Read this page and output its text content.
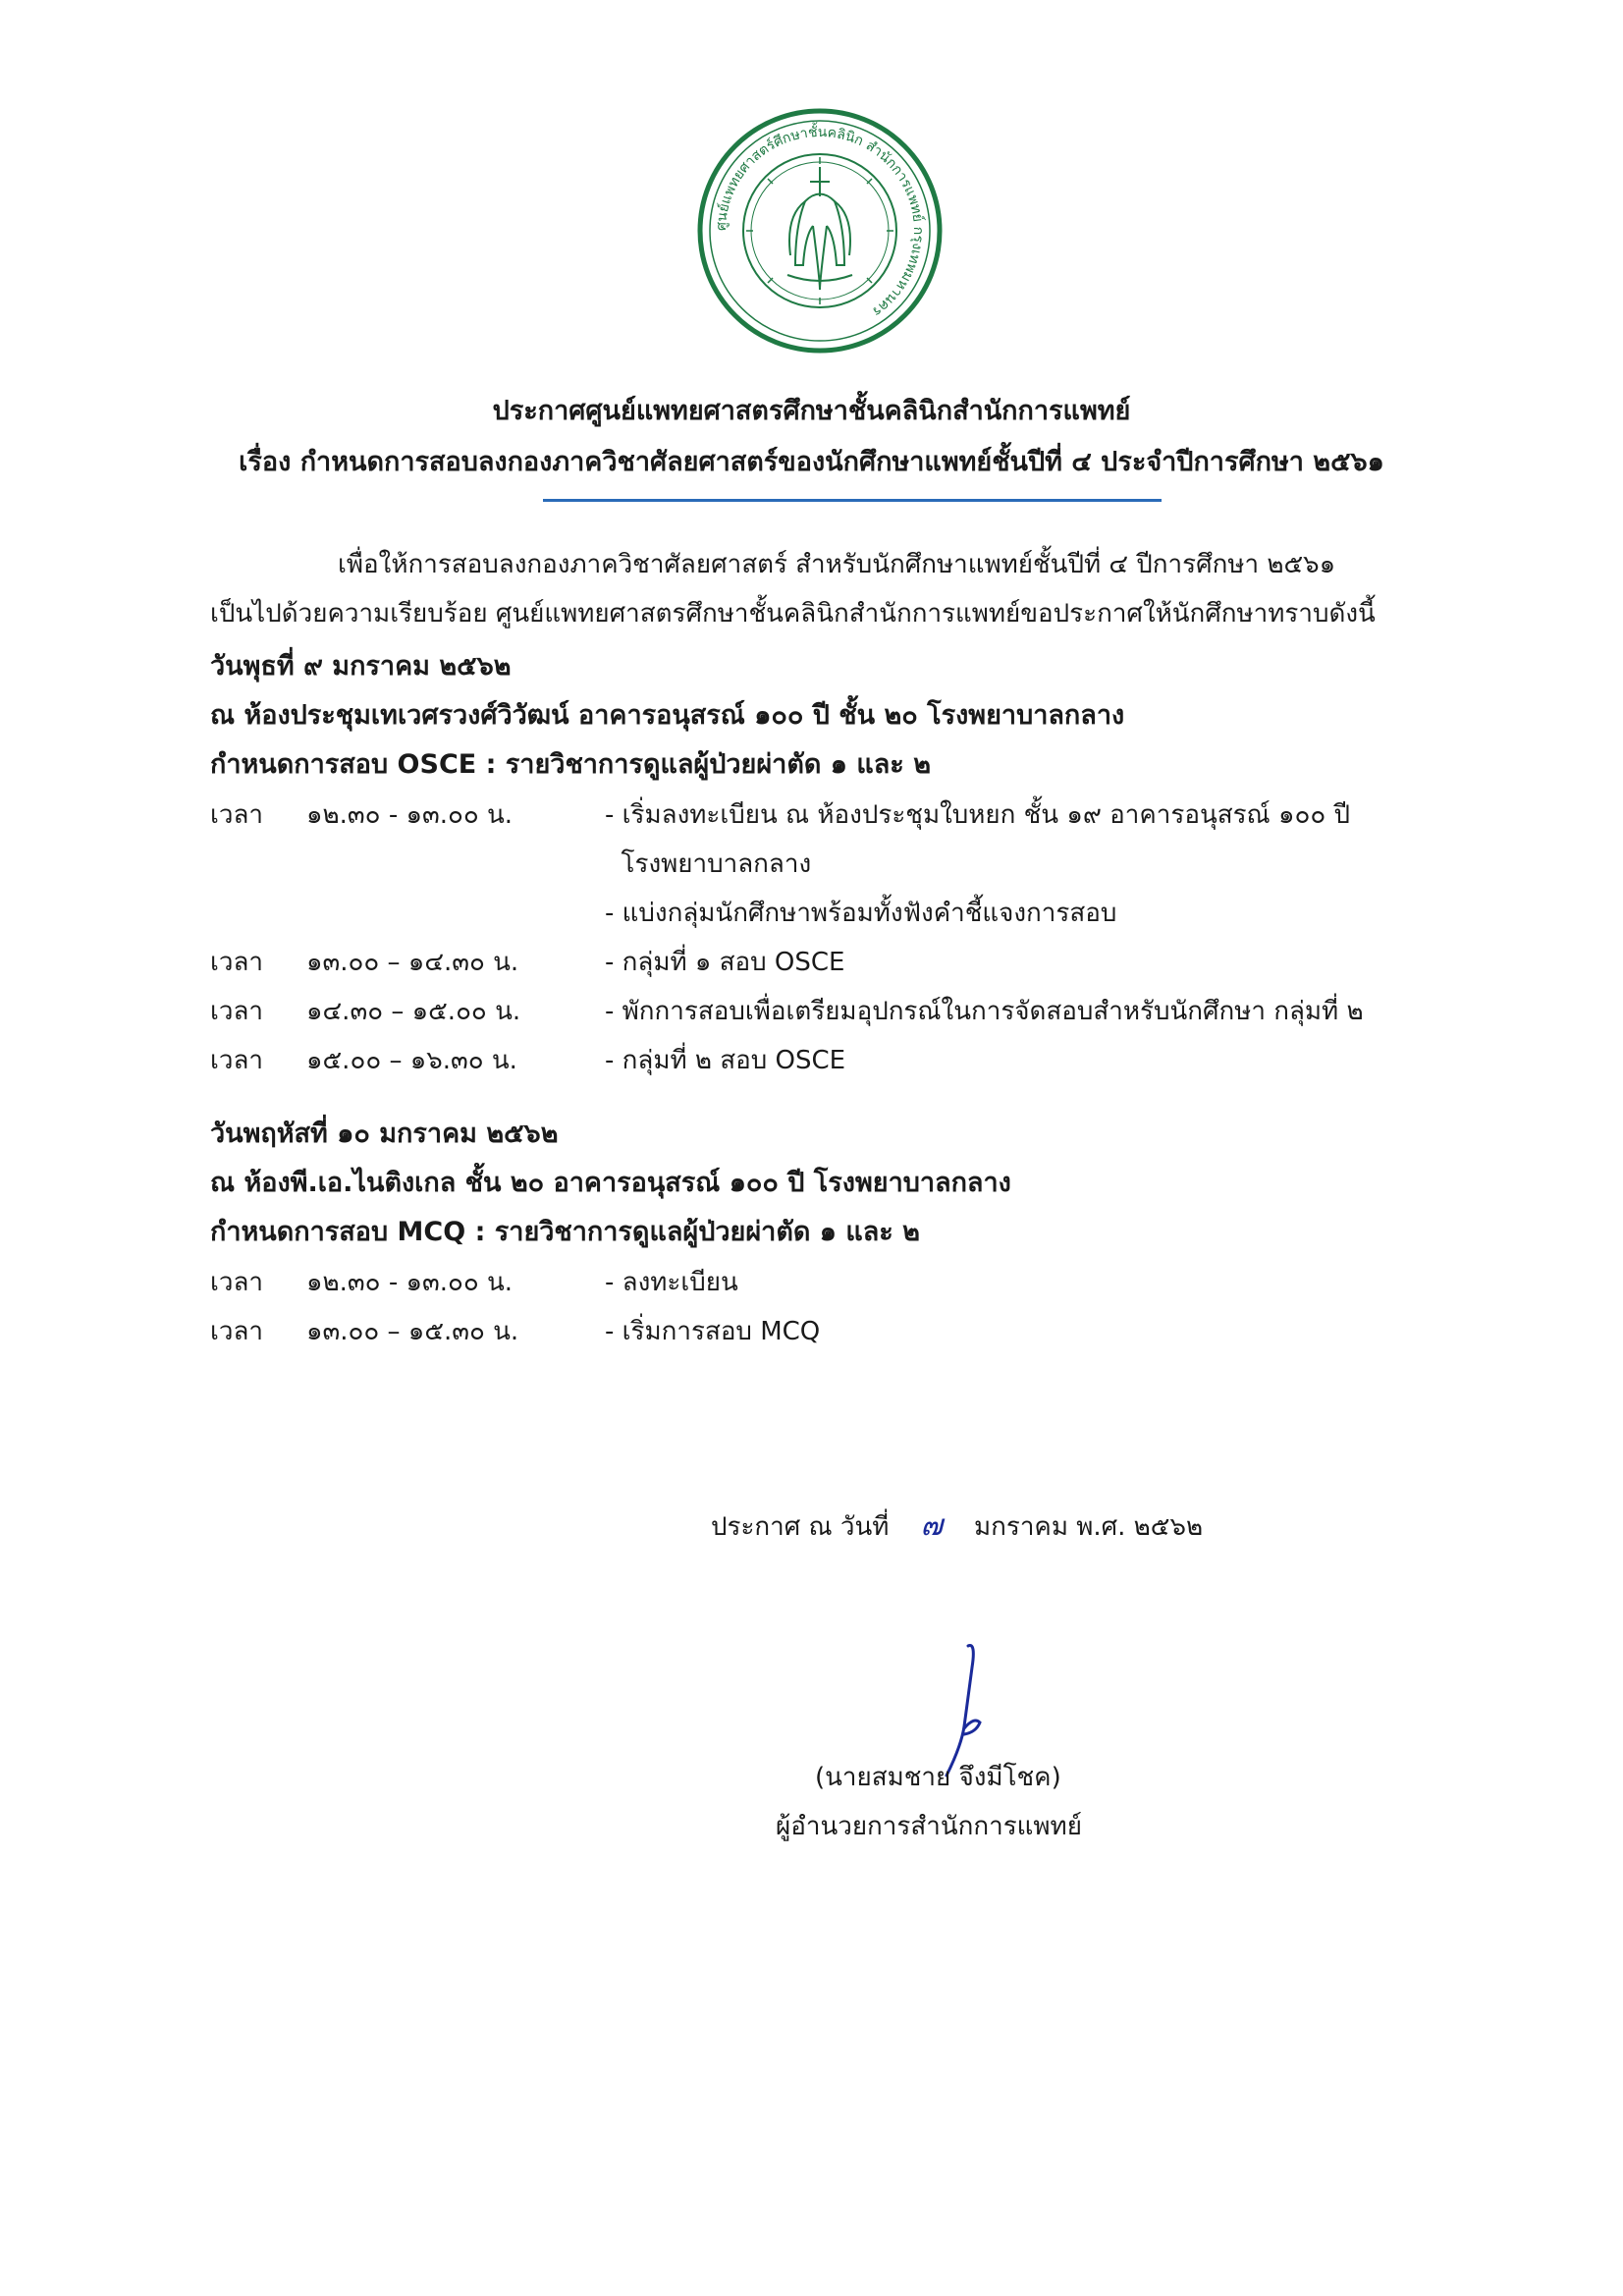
ศูนย์แพทยศาสตร์ศึกษาชั้นคลินิก สำนักการแพทย์ กรุงเทพมหานคร
ประกาศศูนย์แพทยศาสตรศึกษาชั้นคลินิกสำนักการแพทย์
เรื่อง กำหนดการสอบลงกองภาควิชาศัลยศาสตร์ของนักศึกษาแพทย์ชั้นปีที่ ๔ ประจำปีการศึกษา ๒๕๖๑
เพื่อให้การสอบลงกองภาควิชาศัลยศาสตร์ สำหรับนักศึกษาแพทย์ชั้นปีที่ ๔ ปีการศึกษา ๒๕๖๑
เป็นไปด้วยความเรียบร้อย ศูนย์แพทยศาสตรศึกษาชั้นคลินิกสำนักการแพทย์ขอประกาศให้นักศึกษาทราบดังนี้
วันพุธที่ ๙ มกราคม ๒๕๖๒
ณ ห้องประชุมเทเวศรวงศ์วิวัฒน์ อาคารอนุสรณ์ ๑๐๐ ปี ชั้น ๒๐ โรงพยาบาลกลาง
กำหนดการสอบ OSCE : รายวิชาการดูแลผู้ป่วยผ่าตัด ๑ และ ๒
เวลา ๑๒.๓๐ - ๑๓.๐๐ น.	- เริ่มลงทะเบียน ณ ห้องประชุมใบหยก ชั้น ๑๙ อาคารอนุสรณ์ ๑๐๐ ปี
โรงพยาบาลกลาง
- แบ่งกลุ่มนักศึกษาพร้อมทั้งฟังคำชี้แจงการสอบ
เวลา ๑๓.๐๐ – ๑๔.๓๐ น.	- กลุ่มที่ ๑ สอบ OSCE
เวลา ๑๔.๓๐ – ๑๕.๐๐ น.	- พักการสอบเพื่อเตรียมอุปกรณ์ในการจัดสอบสำหรับนักศึกษา กลุ่มที่ ๒
เวลา ๑๕.๐๐ – ๑๖.๓๐ น.	- กลุ่มที่ ๒ สอบ OSCE
วันพฤหัสที่ ๑๐ มกราคม ๒๕๖๒
ณ ห้องพี.เอ.ไนติงเกล ชั้น ๒๐ อาคารอนุสรณ์ ๑๐๐ ปี โรงพยาบาลกลาง
กำหนดการสอบ MCQ : รายวิชาการดูแลผู้ป่วยผ่าตัด ๑ และ ๒
เวลา ๑๒.๓๐ - ๑๓.๐๐ น.	- ลงทะเบียน
เวลา ๑๓.๐๐ – ๑๕.๓๐ น.	- เริ่มการสอบ MCQ
ประกาศ ณ วันที่ ๗ มกราคม พ.ศ. ๒๕๖๒
(นายสมชาย จึงมีโชค)
ผู้อำนวยการสำนักการแพทย์
